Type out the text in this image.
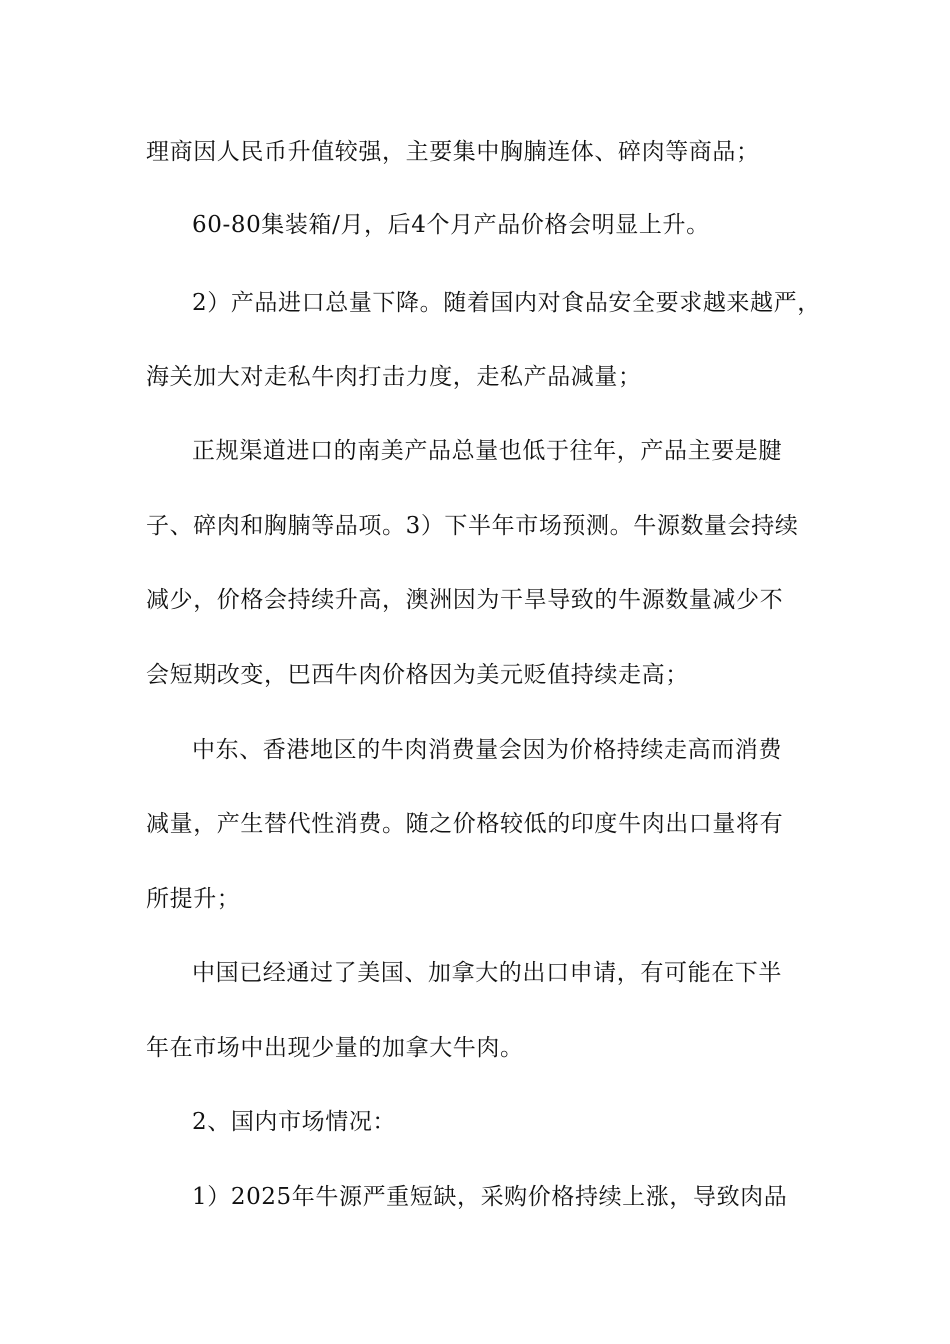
理商因人民币升值较强，主要集中胸腩连体、碎肉等商品；
60-80集装箱/月，后4个月产品价格会明显上升。
2）产品进口总量下降。随着国内对食品安全要求越来越严，
海关加大对走私牛肉打击力度，走私产品减量；
正规渠道进口的南美产品总量也低于往年，产品主要是腱
子、碎肉和胸腩等品项。3）下半年市场预测。牛源数量会持续
减少，价格会持续升高，澳洲因为干旱导致的牛源数量减少不
会短期改变，巴西牛肉价格因为美元贬值持续走高；
中东、香港地区的牛肉消费量会因为价格持续走高而消费
减量，产生替代性消费。随之价格较低的印度牛肉出口量将有
所提升；
中国已经通过了美国、加拿大的出口申请，有可能在下半
年在市场中出现少量的加拿大牛肉。
2、国内市场情况：
1）2025年牛源严重短缺，采购价格持续上涨，导致肉品
